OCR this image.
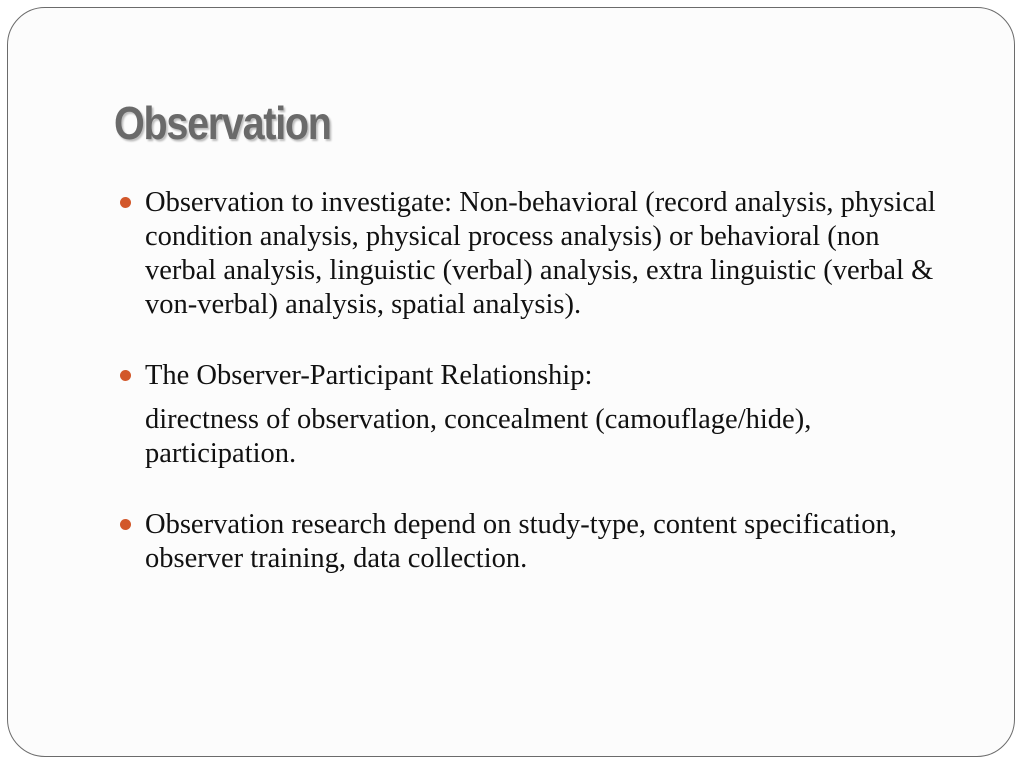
Observation
Observation to investigate: Non-behavioral (record analysis, physical condition analysis, physical process analysis) or behavioral (non verbal analysis, linguistic (verbal) analysis, extra linguistic (verbal & von-verbal) analysis, spatial analysis).
The Observer-Participant Relationship:
directness of observation, concealment (camouflage/hide), participation.
Observation research depend on study-type, content specification, observer training, data collection.
